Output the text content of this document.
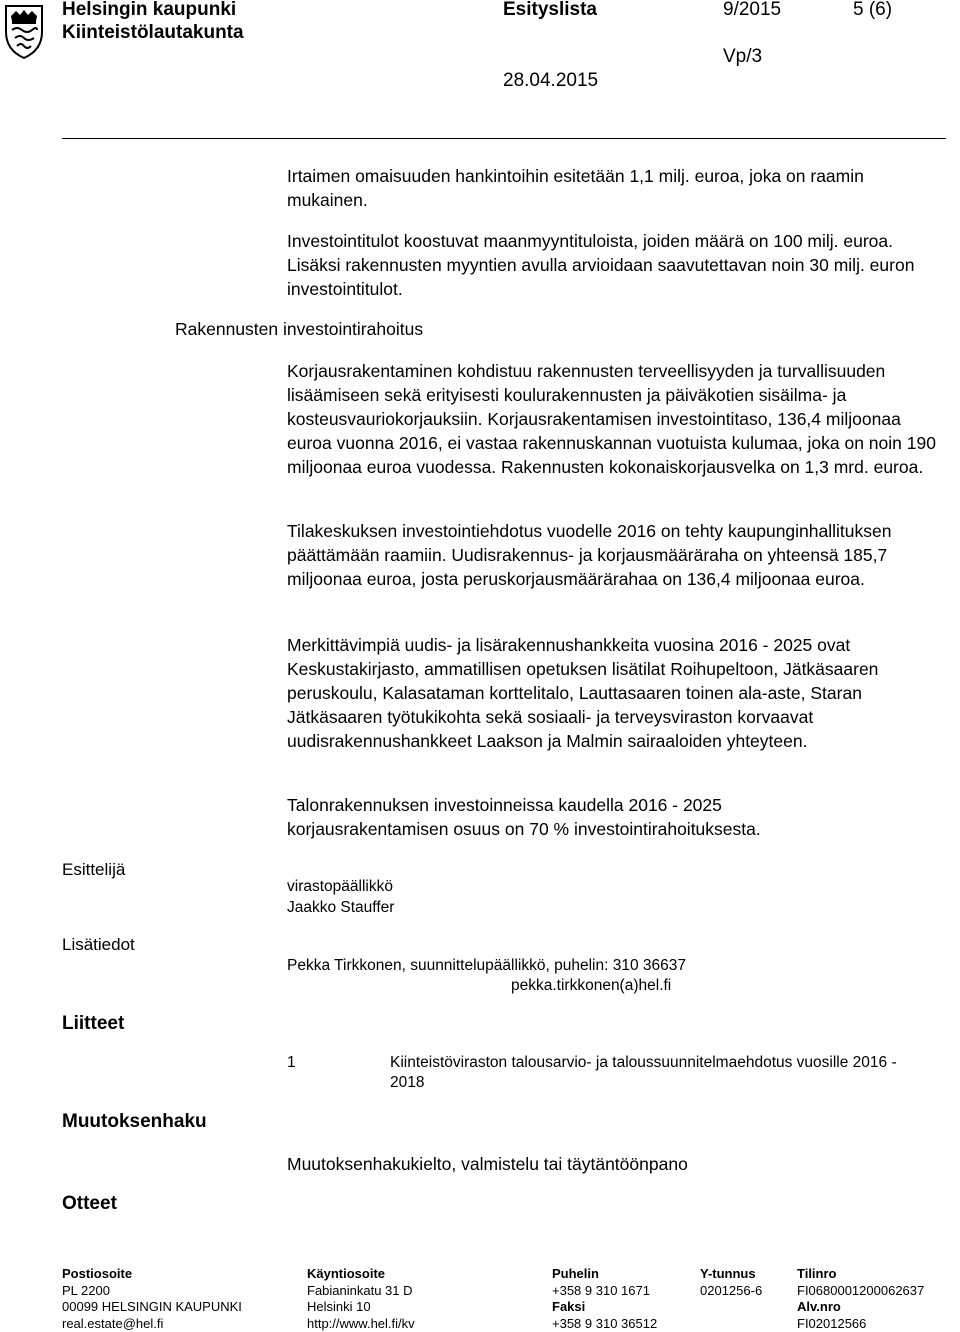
Helsingin kaupunki
Kiinteistölautakunta
Esityslista	9/2015	5 (6)
28.04.2015
Vp/3
Irtaimen omaisuuden hankintoihin esitetään 1,1 milj. euroa, joka on raamin mukainen.
Investointitulot koostuvat maanmyyntituloista, joiden määrä on 100 milj. euroa. Lisäksi rakennusten myyntien avulla arvioidaan saavutettavan noin 30 milj. euron investointitulot.
Rakennusten investointirahoitus
Korjausrakentaminen kohdistuu rakennusten terveellisyyden ja turvallisuuden lisäämiseen sekä erityisesti koulurakennusten ja päiväkotien sisäilma- ja kosteusvauriokorjauksiin. Korjausrakentamisen investointitaso, 136,4 miljoonaa euroa vuonna 2016, ei vastaa rakennuskannan vuotuista kulumaa, joka on noin 190 miljoonaa euroa vuodessa. Rakennusten kokonaiskorjausvelka on 1,3 mrd. euroa.
Tilakeskuksen investointiehdotus vuodelle 2016 on tehty kaupunginhallituksen päättämään raamiin. Uudisrakennus- ja korjausmääräraha on yhteensä 185,7 miljoonaa euroa, josta peruskorjausmäärärahaa on 136,4 miljoonaa euroa.
Merkittävimpiä uudis- ja lisärakennushankkeita vuosina 2016 - 2025 ovat Keskustakirjasto, ammatillisen opetuksen lisätilat Roihupeltoon, Jätkäsaaren peruskoulu, Kalasataman korttelitalo, Lauttasaaren toinen ala-aste, Staran Jätkäsaaren työtukikohta sekä sosiaali- ja terveysviraston korvaavat uudisrakennushankkeet Laakson ja Malmin sairaaloiden yhteyteen.
Talonrakennuksen investoinneissa kaudella 2016 - 2025 korjausrakentamisen osuus on 70 % investointirahoituksesta.
Esittelijä
virastopäällikkö
Jaakko Stauffer
Lisätiedot
Pekka Tirkkonen, suunnittelupäällikkö, puhelin: 310 36637
pekka.tirkkonen(a)hel.fi
Liitteet
1	Kiinteistöviraston talousarvio- ja taloussuunnitelmaehdotus vuosille 2016 - 2018
Muutoksenhaku
Muutoksenhakukielto, valmistelu tai täytäntöönpano
Otteet
Postiosoite
PL 2200
00099 HELSINGIN KAUPUNKI
real.estate@hel.fi
Käyntiosoite
Fabianinkatu 31 D
Helsinki 10
http://www.hel.fi/kv
Puhelin
+358 9 310 1671
Faksi
+358 9 310 36512
Y-tunnus
0201256-6
Tilinro
FI0680001200062637
Alv.nro
FI02012566
